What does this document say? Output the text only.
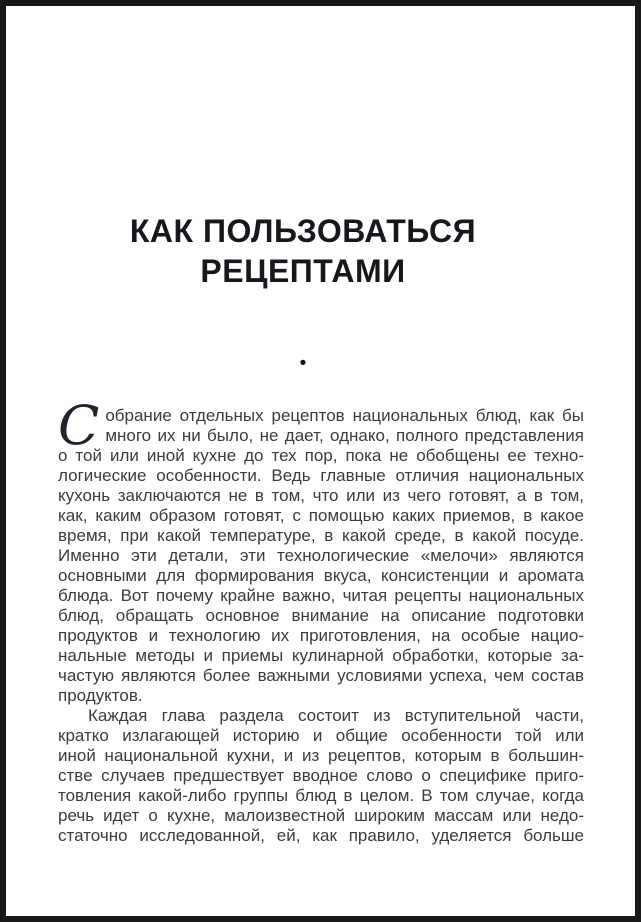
КАК ПОЛЬЗОВАТЬСЯ
РЕЦЕПТАМИ
•
С обрание отдельных рецептов национальных блюд, как бы
много их ни было, не дает, однако, полного представления
о той или иной кухне до тех пор, пока не обобщены ее техно-
логические особенности. Ведь главные отличия национальных
кухонь заключаются не в том, что или из чего готовят, а в том,
как, каким образом готовят, с помощью каких приемов, в какое
время, при какой температуре, в какой среде, в какой посуде.
Именно эти детали, эти технологические «мелочи» являются
основными для формирования вкуса, консистенции и аромата
блюда. Вот почему крайне важно, читая рецепты национальных
блюд, обращать основное внимание на описание подготовки
продуктов и технологию их приготовления, на особые нацио-
нальные методы и приемы кулинарной обработки, которые за-
частую являются более важными условиями успеха, чем состав
продуктов.
Каждая глава раздела состоит из вступительной части,
кратко излагающей историю и общие особенности той или
иной национальной кухни, и из рецептов, которым в большин-
стве случаев предшествует вводное слово о специфике приго-
товления какой-либо группы блюд в целом. В том случае, когда
речь идет о кухне, малоизвестной широким массам или недо-
статочно исследованной, ей, как правило, уделяется больше
